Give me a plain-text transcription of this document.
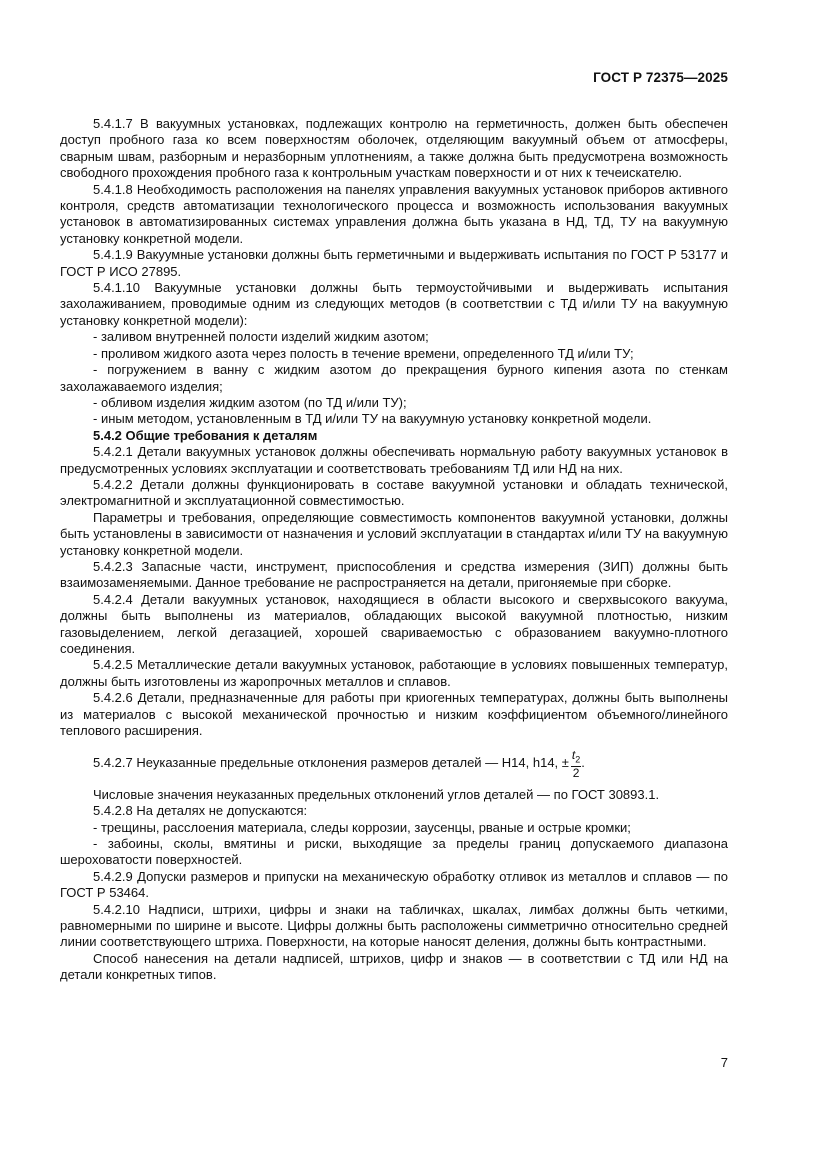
ГОСТ Р 72375—2025

5.4.1.7 В вакуумных установках, подлежащих контролю на герметичность, должен быть обеспечен доступ пробного газа ко всем поверхностям оболочек, отделяющим вакуумный объем от атмосферы, сварным швам, разборным и неразборным уплотнениям, а также должна быть предусмотрена возможность свободного прохождения пробного газа к контрольным участкам поверхности и от них к течеискателю.

5.4.1.8 Необходимость расположения на панелях управления вакуумных установок приборов активного контроля, средств автоматизации технологического процесса и возможность использования вакуумных установок в автоматизированных системах управления должна быть указана в НД, ТД, ТУ на вакуумную установку конкретной модели.

5.4.1.9 Вакуумные установки должны быть герметичными и выдерживать испытания по ГОСТ Р 53177 и ГОСТ Р ИСО 27895.

5.4.1.10 Вакуумные установки должны быть термоустойчивыми и выдерживать испытания захолаживанием, проводимые одним из следующих методов (в соответствии с ТД и/или ТУ на вакуумную установку конкретной модели):

- заливом внутренней полости изделий жидким азотом;

- проливом жидкого азота через полость в течение времени, определенного ТД и/или ТУ;

- погружением в ванну с жидким азотом до прекращения бурного кипения азота по стенкам захолажаваемого изделия;

- обливом изделия жидким азотом (по ТД и/или ТУ);

- иным методом, установленным в ТД и/или ТУ на вакуумную установку конкретной модели.

5.4.2 Общие требования к деталям

5.4.2.1 Детали вакуумных установок должны обеспечивать нормальную работу вакуумных установок в предусмотренных условиях эксплуатации и соответствовать требованиям ТД или НД на них.

5.4.2.2 Детали должны функционировать в составе вакуумной установки и обладать технической, электромагнитной и эксплуатационной совместимостью.

Параметры и требования, определяющие совместимость компонентов вакуумной установки, должны быть установлены в зависимости от назначения и условий эксплуатации в стандартах и/или ТУ на вакуумную установку конкретной модели.

5.4.2.3 Запасные части, инструмент, приспособления и средства измерения (ЗИП) должны быть взаимозаменяемыми. Данное требование не распространяется на детали, пригоняемые при сборке.

5.4.2.4 Детали вакуумных установок, находящиеся в области высокого и сверхвысокого вакуума, должны быть выполнены из материалов, обладающих высокой вакуумной плотностью, низким газовыделением, легкой дегазацией, хорошей свариваемостью с образованием вакуумно-плотного соединения.

5.4.2.5 Металлические детали вакуумных установок, работающие в условиях повышенных температур, должны быть изготовлены из жаропрочных металлов и сплавов.

5.4.2.6 Детали, предназначенные для работы при криогенных температурах, должны быть выполнены из материалов с высокой механической прочностью и низким коэффициентом объемного/линейного теплового расширения.

5.4.2.7 Неуказанные предельные отклонения размеров деталей — H14, h14, ± $\frac{t_2}{2}$ .

Числовые значения неуказанных предельных отклонений углов деталей — по ГОСТ 30893.1.

5.4.2.8 На деталях не допускаются:

- трещины, расслоения материала, следы коррозии, заусенцы, рваные и острые кромки;

- забоины, сколы, вмятины и риски, выходящие за пределы границ допускаемого диапазона шероховатости поверхностей.

5.4.2.9 Допуски размеров и припуски на механическую обработку отливок из металлов и сплавов — по ГОСТ Р 53464.

5.4.2.10 Надписи, штрихи, цифры и знаки на табличках, шкалах, лимбах должны быть четкими, равномерными по ширине и высоте. Цифры должны быть расположены симметрично относительно средней линии соответствующего штриха. Поверхности, на которые наносят деления, должны быть контрастными.

Способ нанесения на детали надписей, штрихов, цифр и знаков — в соответствии с ТД или НД на детали конкретных типов.

7
